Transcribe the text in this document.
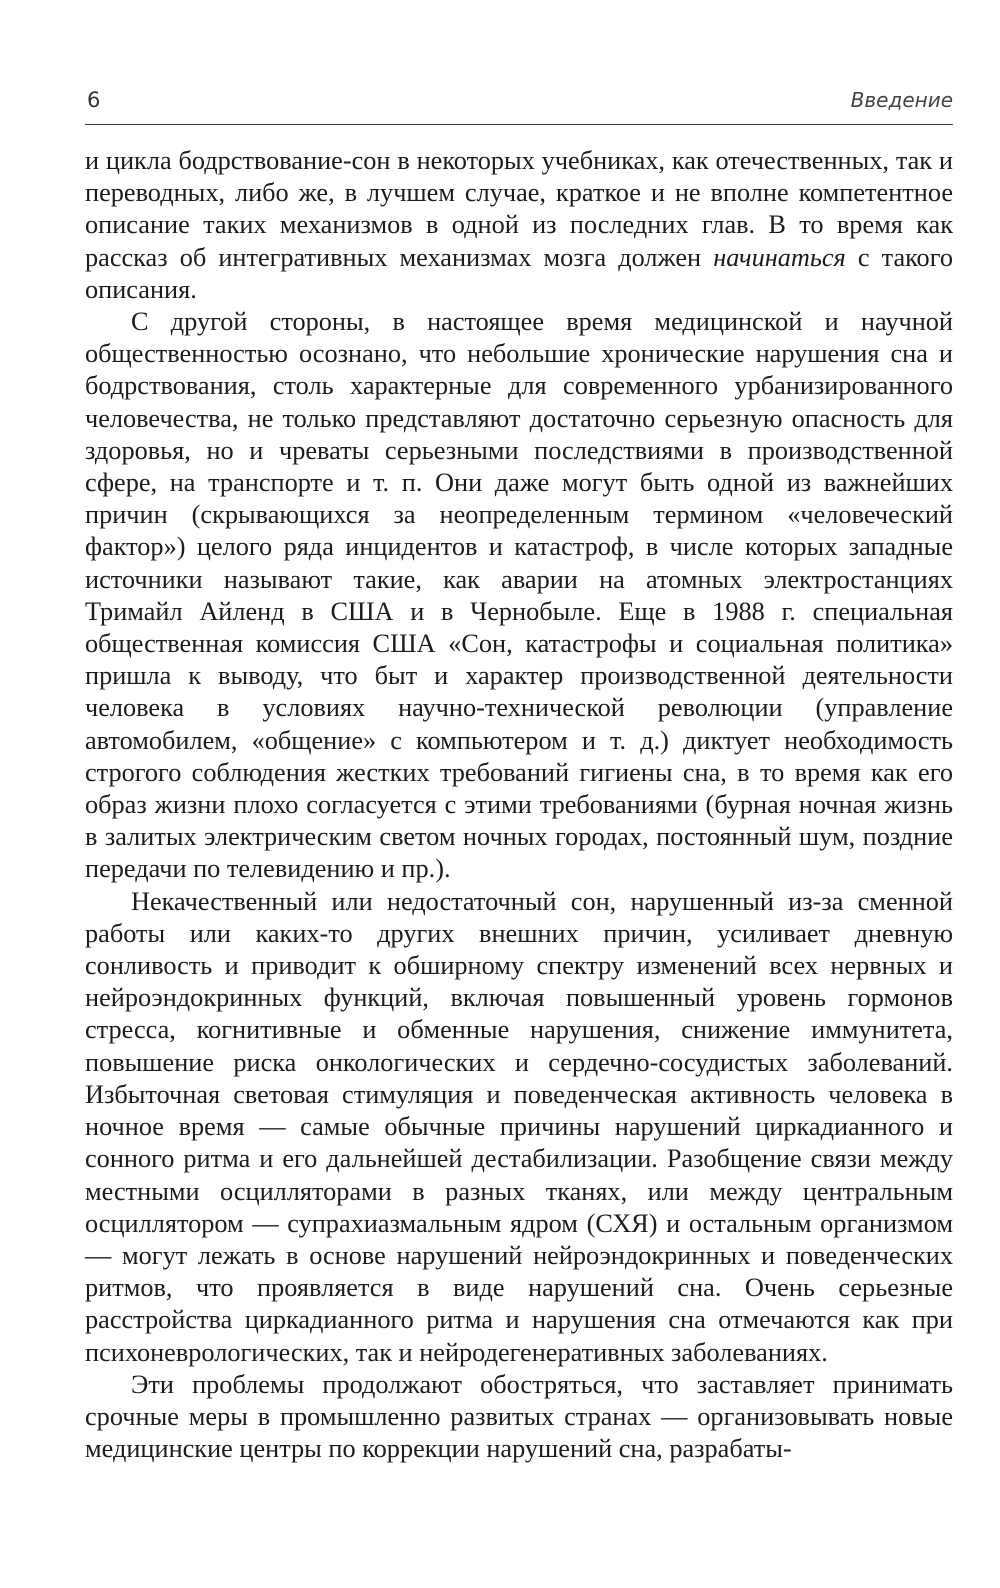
6	Введение

и цикла бодрствование-сон в некоторых учебниках, как отечественных, так и переводных, либо же, в лучшем случае, краткое и не вполне компетентное описание таких механизмов в одной из последних глав. В то время как рассказ об интегративных механизмах мозга должен начинаться с такого описания.

С другой стороны, в настоящее время медицинской и научной общественностью осознано, что небольшие хронические нарушения сна и бодрствования, столь характерные для современного урбанизированного человечества, не только представляют достаточно серьезную опасность для здоровья, но и чреваты серьезными последствиями в производственной сфере, на транспорте и т. п. Они даже могут быть одной из важнейших причин (скрывающихся за неопределенным термином «человеческий фактор») целого ряда инцидентов и катастроф, в числе которых западные источники называют такие, как аварии на атомных электростанциях Тримайл Айленд в США и в Чернобыле. Еще в 1988 г. специальная общественная комиссия США «Сон, катастрофы и социальная политика» пришла к выводу, что быт и характер производственной деятельности человека в условиях научно-технической революции (управление автомобилем, «общение» с компьютером и т. д.) диктует необходимость строгого соблюдения жестких требований гигиены сна, в то время как его образ жизни плохо согласуется с этими требованиями (бурная ночная жизнь в залитых электрическим светом ночных городах, постоянный шум, поздние передачи по телевидению и пр.).

Некачественный или недостаточный сон, нарушенный из-за сменной работы или каких-то других внешних причин, усиливает дневную сонливость и приводит к обширному спектру изменений всех нервных и нейроэндокринных функций, включая повышенный уровень гормонов стресса, когнитивные и обменные нарушения, снижение иммунитета, повышение риска онкологических и сердечно-сосудистых заболеваний. Избыточная световая стимуляция и поведенческая активность человека в ночное время — самые обычные причины нарушений циркадианного и сонного ритма и его дальнейшей дестабилизации. Разобщение связи между местными осцилляторами в разных тканях, или между центральным осциллятором — супрахиазмальным ядром (СХЯ) и остальным организмом — могут лежать в основе нарушений нейроэндокринных и поведенческих ритмов, что проявляется в виде нарушений сна. Очень серьезные расстройства циркадианного ритма и нарушения сна отмечаются как при психоневрологических, так и нейродегенеративных заболеваниях.

Эти проблемы продолжают обостряться, что заставляет принимать срочные меры в промышленно развитых странах — организовывать новые медицинские центры по коррекции нарушений сна, разрабаты-
